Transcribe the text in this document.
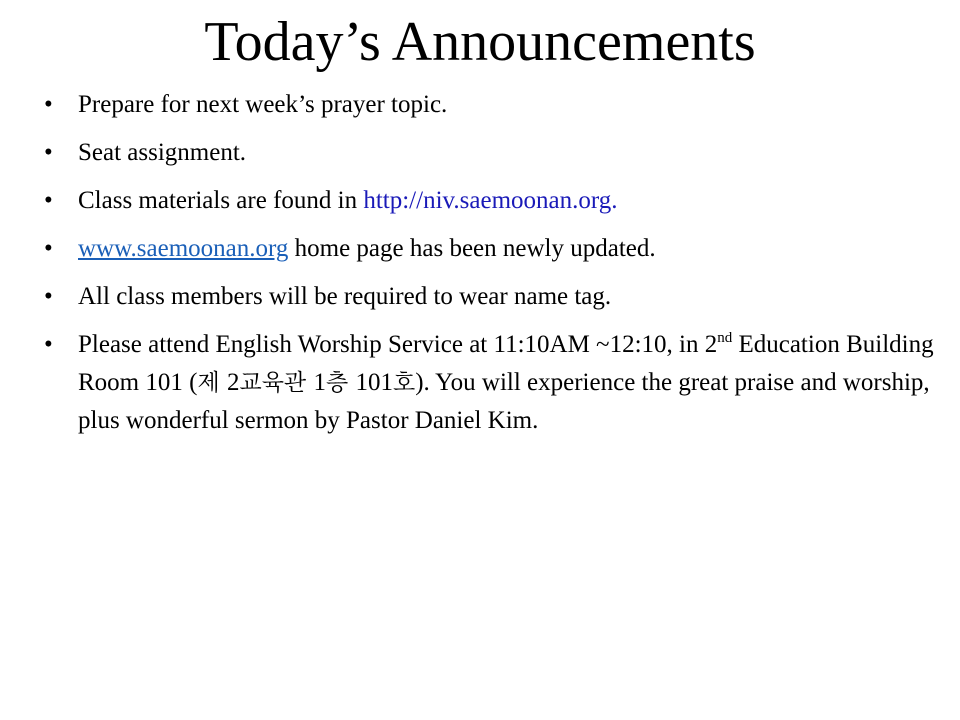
Today’s Announcements
• Prepare for next week’s prayer topic.
• Seat assignment.
• Class materials are found in http://niv.saemoonan.org.
• www.saemoonan.org home page has been newly updated.
• All class members will be required to wear name tag.
• Please attend English Worship Service at 11:10AM ~12:10, in 2nd Education Building Room 101 (제 2교육관 1층 101호). You will experience the great praise and worship, plus wonderful sermon by Pastor Daniel Kim.
